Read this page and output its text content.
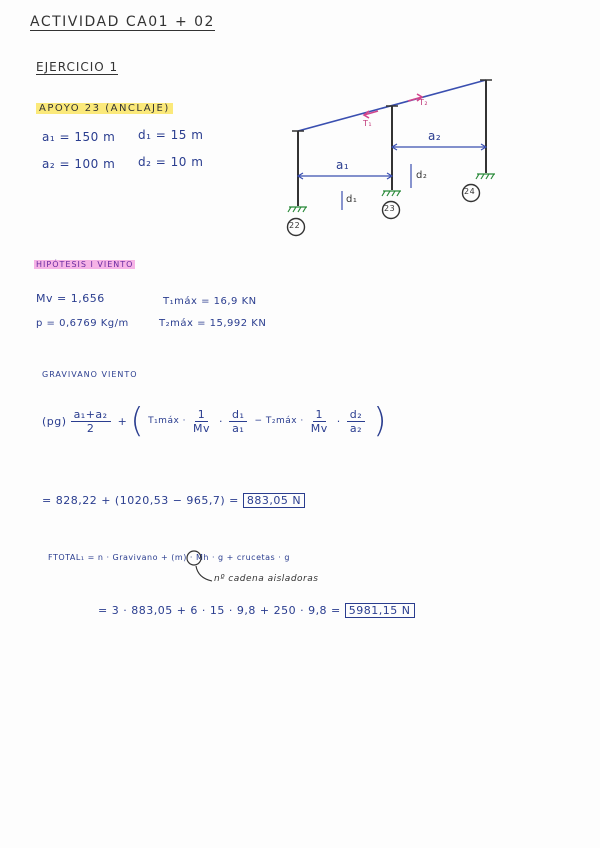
ACTIVIDAD CA01 + 02
EJERCICIO 1
APOYO 23 (ANCLAJE)
a₁ = 150 m d₁ = 15 m
a₂ = 100 m d₂ = 10 m
T₁
T₂
a₁
a₂
d₁
d₂
22
23
24
HIPÓTESIS I VIENTO
Mv = 1,656
p = 0,6769 Kg/m
T₁máx = 16,9 KN
T₂máx = 15,992 KN
GRAVIVANO VIENTO
$(pg) \frac{\text{a₁+a₂}}{2}$ + ( T₁máx · $\frac{1}{Mv} \cdot \frac{\text{d₁}}{\text{a₁}}$ − T₂máx · $\frac{1}{Mv} \cdot \frac{\text{d₂}}{\text{a₂}}$ )
= 828,22 + (1020,53 − 965,7) = 883,05 N
FTOTAL₁ = n · Gravivano + (m) · Mh · g + crucetas · g
nº cadena aisladoras
= 3 · 883,05 + 6 · 15 · 9,8 + 250 · 9,8 = 5981,15 N
